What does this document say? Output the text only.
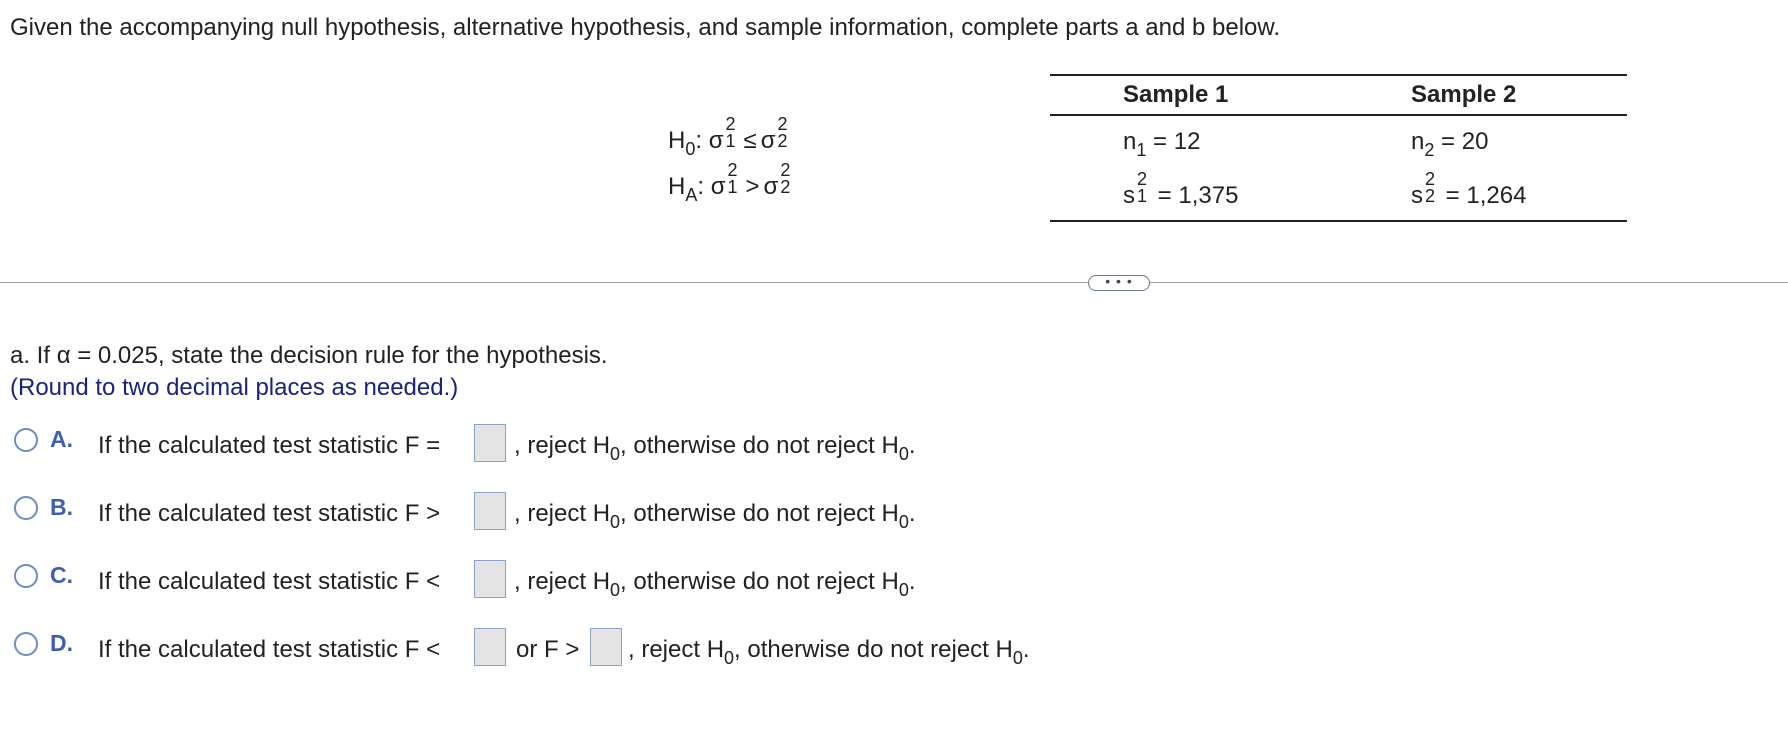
Given the accompanying null hypothesis, alternative hypothesis, and sample information, complete parts a and b below.
$H_0$: σ
2
1 ≤ σ
2
2
$H_A$: σ
2
1 > σ
2
2
Sample 1	Sample 2
$n_1 = 12$	$n_2 = 20$
s
2
1 = 1,375	s
2
2 = 1,264
• • •
a. If α = 0.025, state the decision rule for the hypothesis.
(Round to two decimal places as needed.)
A. If the calculated test statistic F =	, reject $H_0$, otherwise do not reject $H_0$.
B. If the calculated test statistic F >	, reject $H_0$, otherwise do not reject $H_0$.
C. If the calculated test statistic F <	, reject $H_0$, otherwise do not reject $H_0$.
D. If the calculated test statistic F <	or F > , reject $H_0$, otherwise do not reject $H_0$.
